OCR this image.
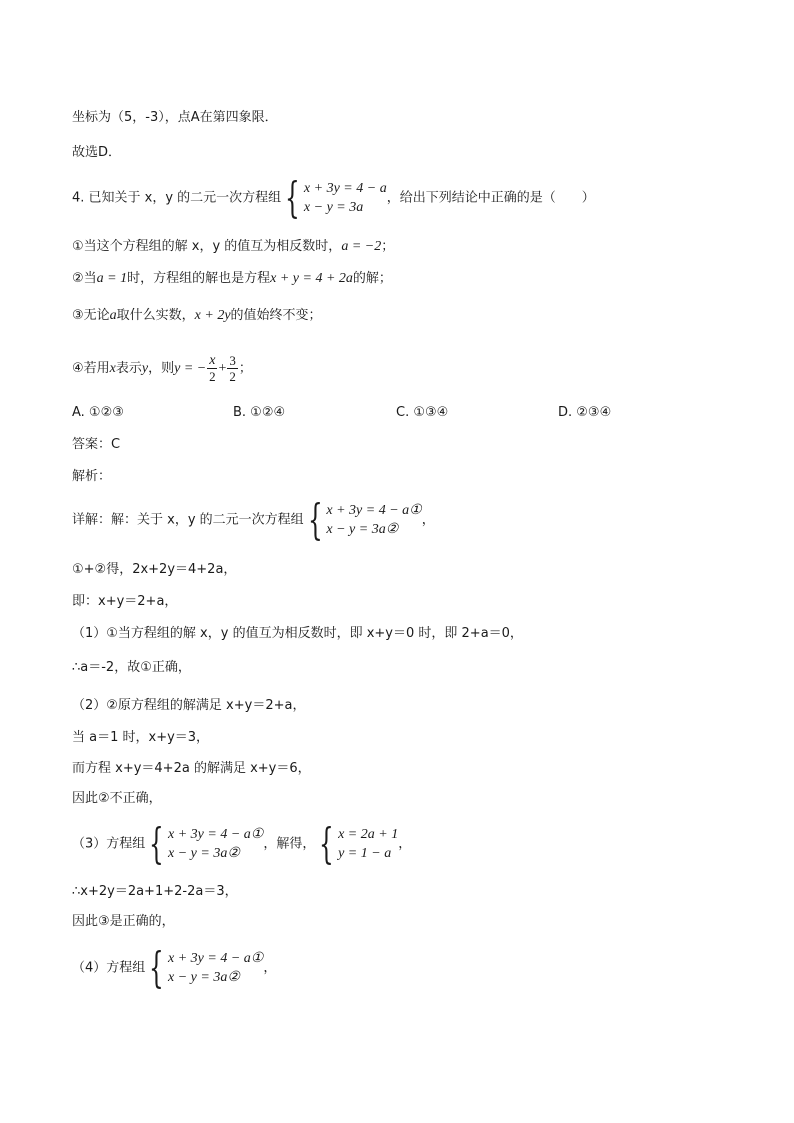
坐标为（5，-3），点A在第四象限．
故选D．
4. 已知关于 x，y 的二元一次方程组 { x + 3y = 4 − a
x − y = 3a
，给出下列结论中正确的是（　　）
①当这个方程组的解 x，y 的值互为相反数时，a = −2；
②当a = 1时，方程组的解也是方程x + y = 4 + 2a的解；
③无论a取什么实数，x + 2y的值始终不变；
④若用x表示y，则y = − $\frac{x}{2} + \frac{3}{2}$ ；
A. ①②③	B. ①②④	C. ①③④	D. ②③④
答案：C
解析：
详解：解：关于 x，y 的二元一次方程组 { x + 3y = 4 − a①
x − y = 3a②
，
①+②得，2x+2y＝4+2a，
即：x+y＝2+a，
（1）①当方程组的解 x，y 的值互为相反数时，即 x+y＝0 时，即 2+a＝0，
∴a＝-2，故①正确，
（2）②原方程组的解满足 x+y＝2+a，
当 a＝1 时，x+y＝3，
而方程 x+y＝4+2a 的解满足 x+y＝6，
因此②不正确，
（3）方程组 { x + 3y = 4 − a①
x − y = 3a②
，解得， { x = 2a + 1
y = 1 − a
，
∴x+2y＝2a+1+2-2a＝3，
因此③是正确的，
（4）方程组 { x + 3y = 4 − a①
x − y = 3a②
，
